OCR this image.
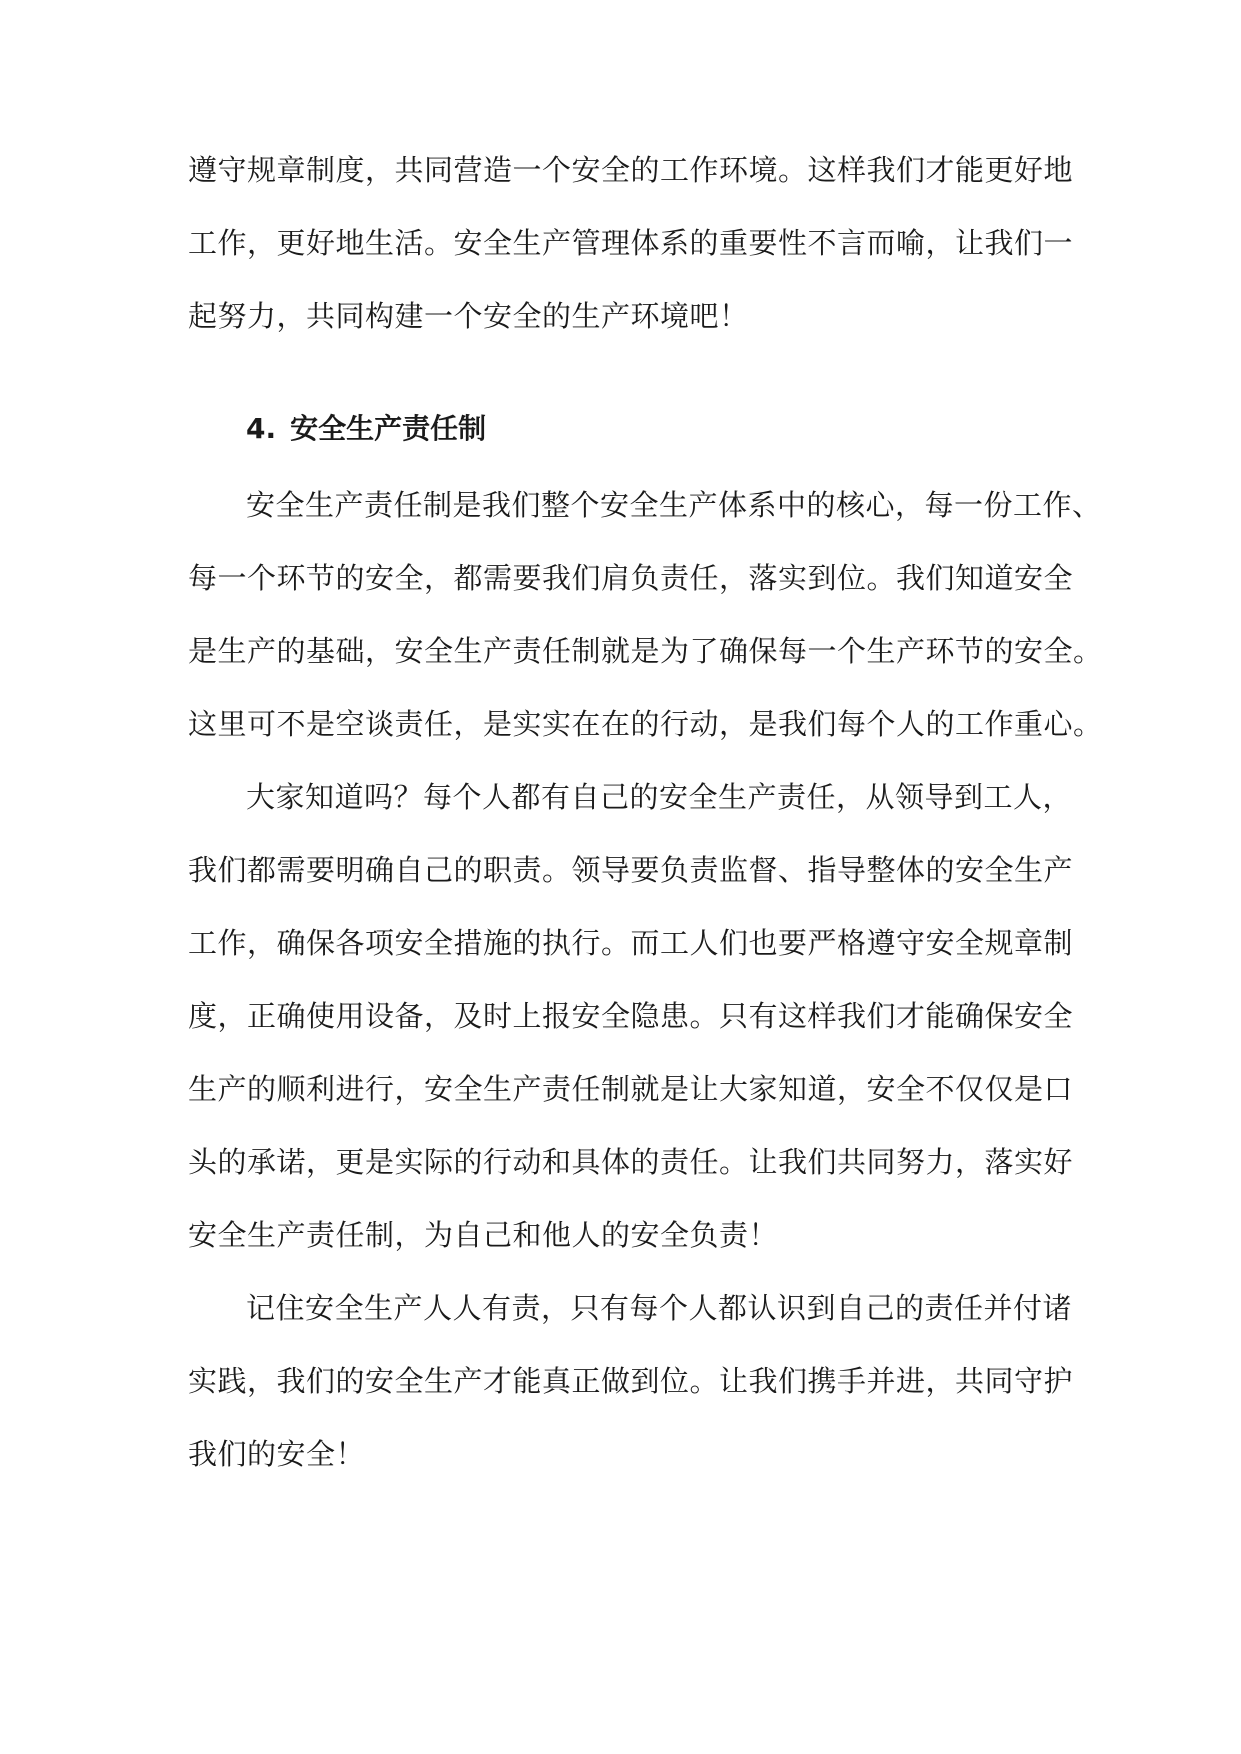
遵守规章制度，共同营造一个安全的工作环境。这样我们才能更好地
工作，更好地生活。安全生产管理体系的重要性不言而喻，让我们一
起努力，共同构建一个安全的生产环境吧！
4. 安全生产责任制
安全生产责任制是我们整个安全生产体系中的核心，每一份工作、
每一个环节的安全，都需要我们肩负责任，落实到位。我们知道安全
是生产的基础，安全生产责任制就是为了确保每一个生产环节的安全。
这里可不是空谈责任，是实实在在的行动，是我们每个人的工作重心。
大家知道吗？每个人都有自己的安全生产责任，从领导到工人，
我们都需要明确自己的职责。领导要负责监督、指导整体的安全生产
工作，确保各项安全措施的执行。而工人们也要严格遵守安全规章制
度，正确使用设备，及时上报安全隐患。只有这样我们才能确保安全
生产的顺利进行，安全生产责任制就是让大家知道，安全不仅仅是口
头的承诺，更是实际的行动和具体的责任。让我们共同努力，落实好
安全生产责任制，为自己和他人的安全负责！
记住安全生产人人有责，只有每个人都认识到自己的责任并付诸
实践，我们的安全生产才能真正做到位。让我们携手并进，共同守护
我们的安全！
